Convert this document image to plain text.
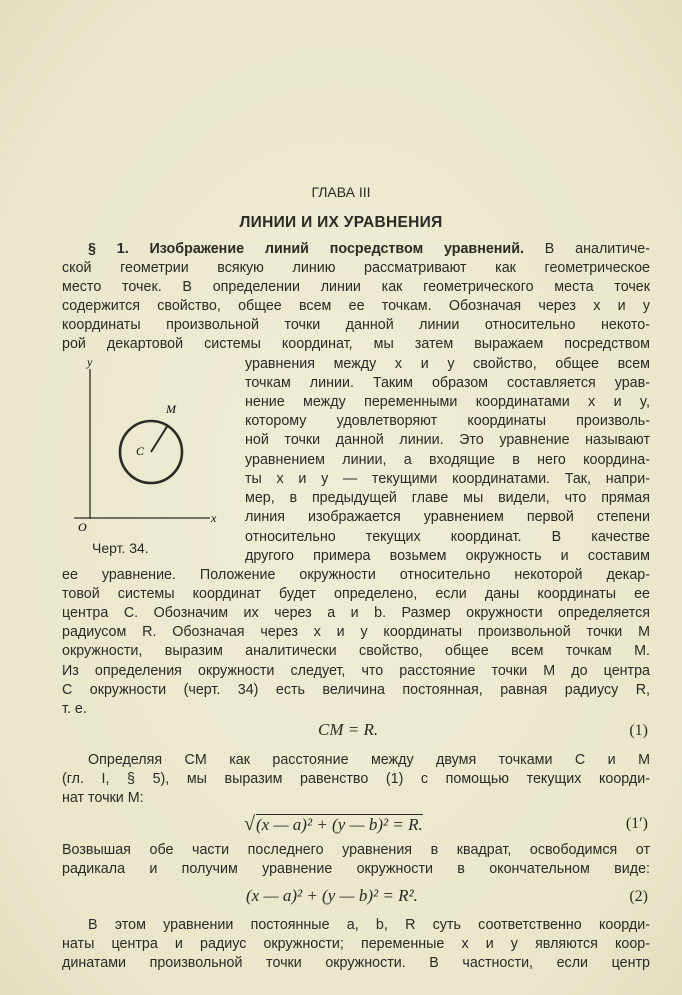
ГЛАВА III
ЛИНИИ И ИХ УРАВНЕНИЯ
§ 1. Изображение линий посредством уравнений. В аналитиче-
ской геометрии всякую линию рассматривают как геометрическое
место точек. В определении линии как геометрического места точек
содержится свойство, общее всем ее точкам. Обозначая через x и y
координаты произвольной точки данной линии относительно некото-
рой декартовой системы координат, мы затем выражаем посредством
уравнения между x и y свойство, общее всем
точкам линии. Таким образом составляется урав-
нение между переменными координатами x и y,
которому удовлетворяют координаты произволь-
ной точки данной линии. Это уравнение называют
уравнением линии, а входящие в него координа-
ты x и y — текущими координатами. Так, напри-
мер, в предыдущей главе мы видели, что прямая
линия изображается уравнением первой степени
относительно текущих координат. В качестве
другого примера возьмем окружность и составим
ее уравнение. Положение окружности относительно некоторой декар-
товой системы координат будет определено, если даны координаты ее
центра C. Обозначим их через a и b. Размер окружности определяется
радиусом R. Обозначая через x и y координаты произвольной точки M
окружности, выразим аналитически свойство, общее всем точкам M.
Из определения окружности следует, что расстояние точки M до центра
C окружности (черт. 34) есть величина постоянная, равная радиусу R,
т. е.
CM = R.	(1)
Определяя CM как расстояние между двумя точками C и M
(гл. I, § 5), мы выразим равенство (1) с помощью текущих коорди-
нат точки M:
√(x — a)² + (y — b)² = R.	(1′)
Возвышая обе части последнего уравнения в квадрат, освободимся от
радикала и получим уравнение окружности в окончательном виде:
(x — a)² + (y — b)² = R².	(2)
В этом уравнении постоянные a, b, R суть соответственно коорди-
наты центра и радиус окружности; переменные x и y являются коор-
динатами произвольной точки окружности. В частности, если центр
y
x
O
C
M
Черт. 34.
